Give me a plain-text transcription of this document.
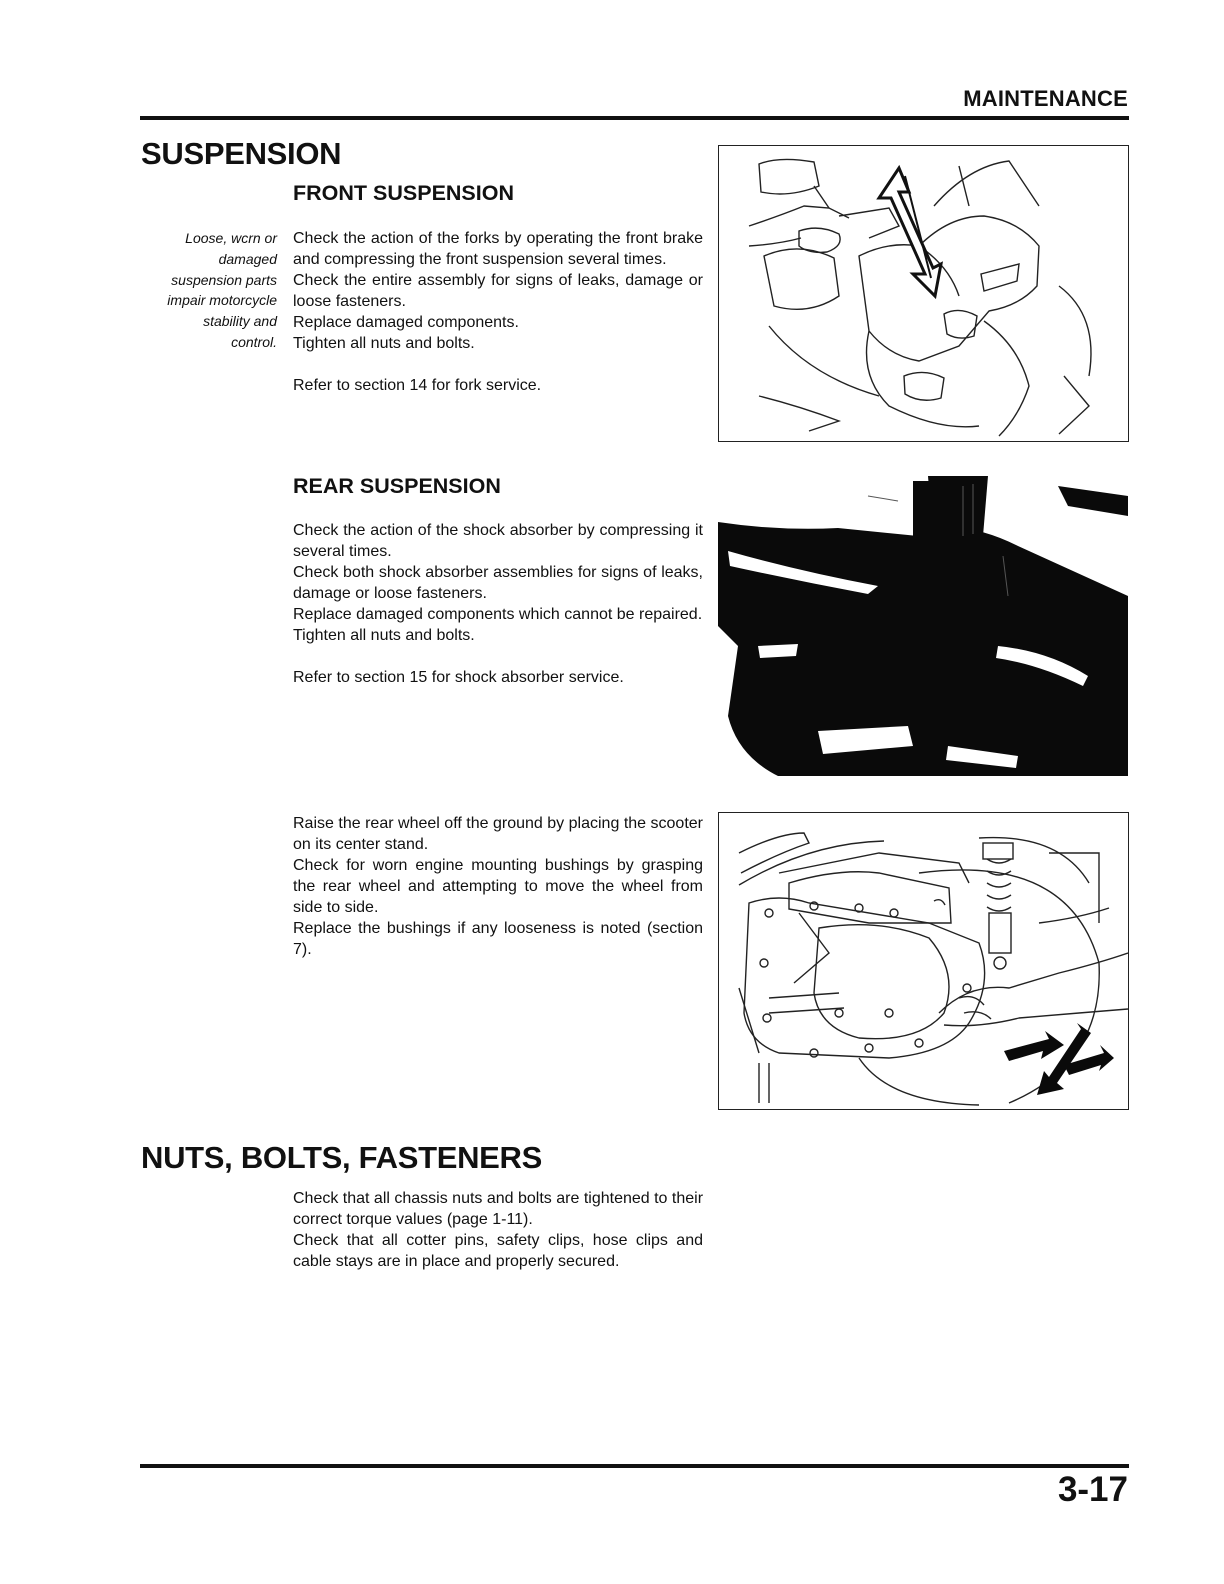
MAINTENANCE
SUSPENSION
FRONT SUSPENSION
Loose, wcrn or
damaged
suspension parts
impair motorcycle
stability and
control.

Check the action of the forks by operating the front brake and compressing the front suspension several times.

Check the entire assembly for signs of leaks, damage or loose fasteners.

Replace damaged components.

Tighten all nuts and bolts.

Refer to section 14 for fork service.

REAR SUSPENSION

Check the action of the shock absorber by compressing it several times.

Check both shock absorber assemblies for signs of leaks, damage or loose fasteners.

Replace damaged components which cannot be repaired.

Tighten all nuts and bolts.

Refer to section 15 for shock absorber service.

Raise the rear wheel off the ground by placing the scooter on its center stand.

Check for worn engine mounting bushings by grasping the rear wheel and attempting to move the wheel from side to side.

Replace the bushings if any looseness is noted (section 7).

NUTS, BOLTS, FASTENERS

Check that all chassis nuts and bolts are tightened to their correct torque values (page 1-11).

Check that all cotter pins, safety clips, hose clips and cable stays are in place and properly secured.

3-17
